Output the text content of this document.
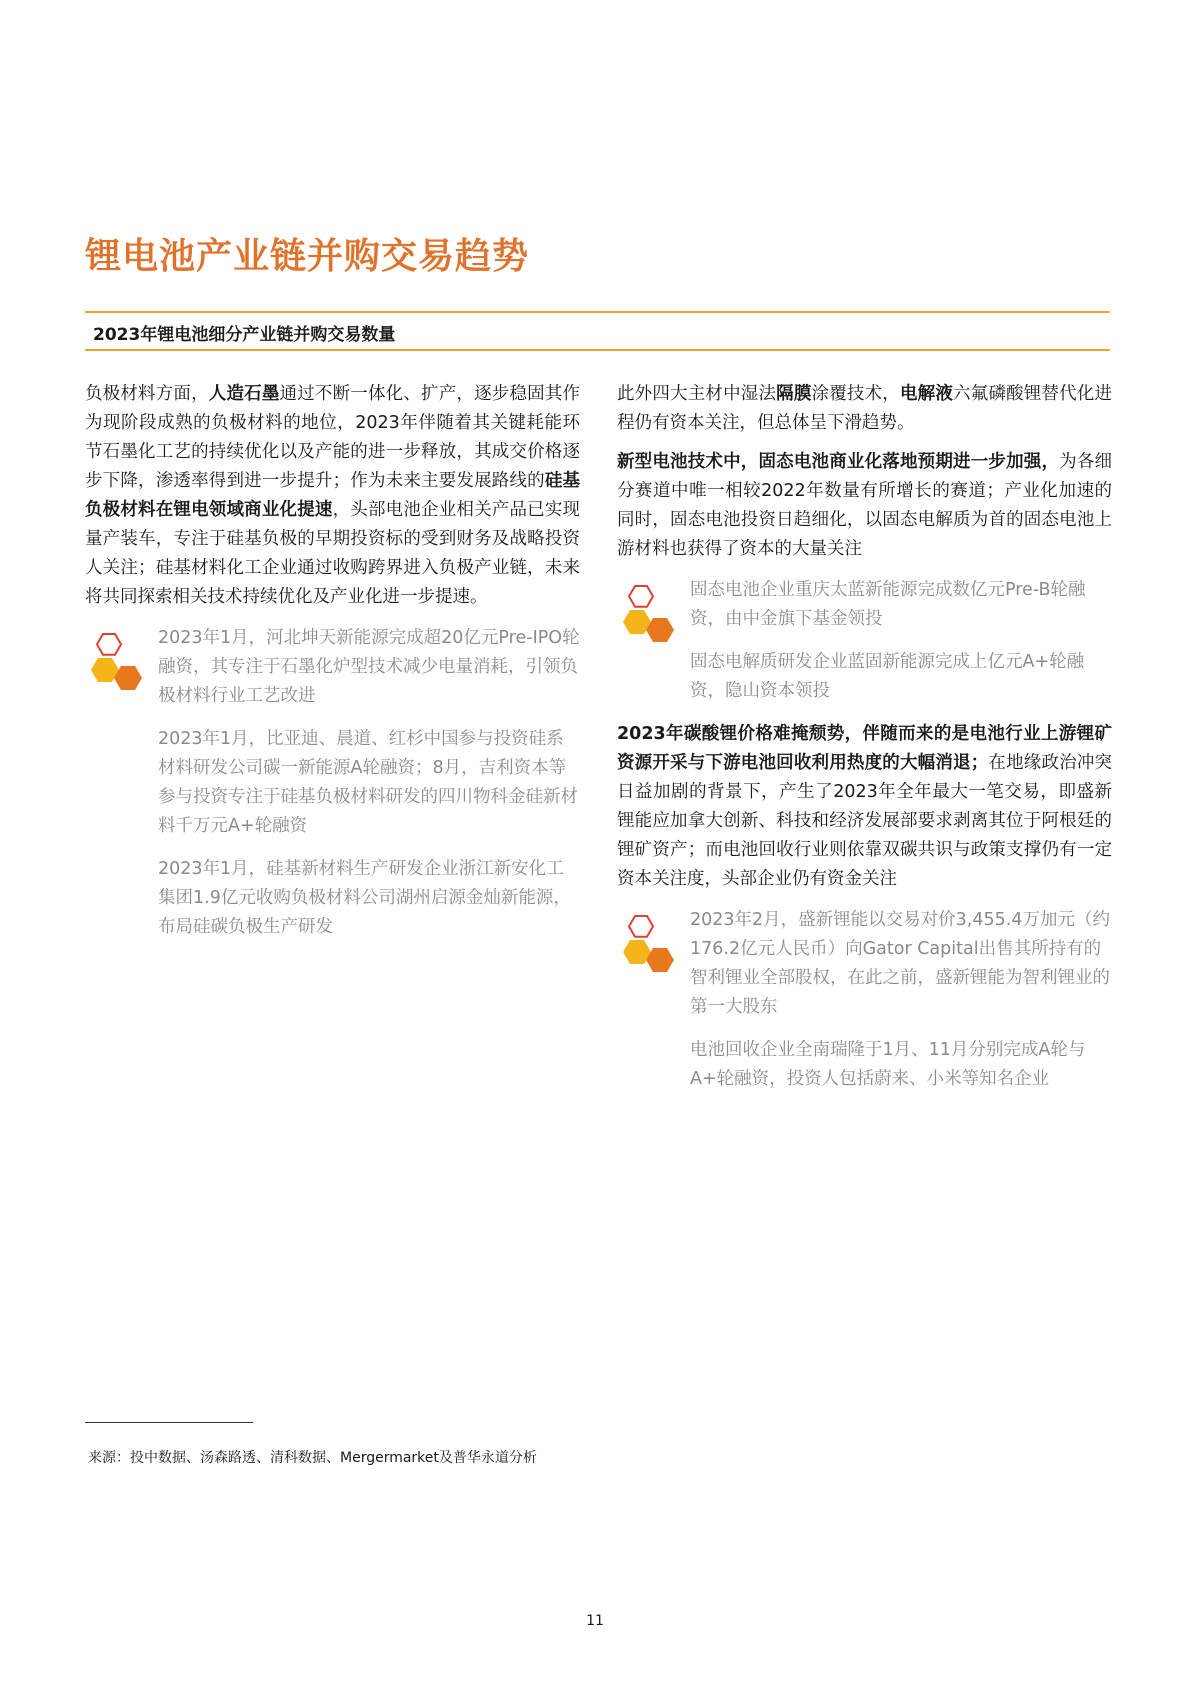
锂电池产业链并购交易趋势
2023年锂电池细分产业链并购交易数量

负极材料方面，人造石墨通过不断一体化、扩产，逐步稳固其作为现阶段成熟的负极材料的地位，2023年伴随着其关键耗能环节石墨化工艺的持续优化以及产能的进一步释放，其成交价格逐步下降，渗透率得到进一步提升；作为未来主要发展路线的硅基负极材料在锂电领域商业化提速，头部电池企业相关产品已实现量产装车，专注于硅基负极的早期投资标的受到财务及战略投资人关注；硅基材料化工企业通过收购跨界进入负极产业链，未来将共同探索相关技术持续优化及产业化进一步提速。

2023年1月，河北坤天新能源完成超20亿元Pre-IPO轮融资，其专注于石墨化炉型技术减少电量消耗，引领负极材料行业工艺改进

2023年1月，比亚迪、晨道、红杉中国参与投资硅系材料研发公司碳一新能源A轮融资；8月，吉利资本等参与投资专注于硅基负极材料研发的四川物科金硅新材料千万元A+轮融资

2023年1月，硅基新材料生产研发企业浙江新安化工集团1.9亿元收购负极材料公司湖州启源金灿新能源，布局硅碳负极生产研发

此外四大主材中湿法隔膜涂覆技术，电解液六氟磷酸锂替代化进程仍有资本关注，但总体呈下滑趋势。

新型电池技术中，固态电池商业化落地预期进一步加强，为各细分赛道中唯一相较2022年数量有所增长的赛道；产业化加速的同时，固态电池投资日趋细化，以固态电解质为首的固态电池上游材料也获得了资本的大量关注

固态电池企业重庆太蓝新能源完成数亿元Pre-B轮融资，由中金旗下基金领投

固态电解质研发企业蓝固新能源完成上亿元A+轮融资，隐山资本领投

2023年碳酸锂价格难掩颓势，伴随而来的是电池行业上游锂矿资源开采与下游电池回收利用热度的大幅消退；在地缘政治冲突日益加剧的背景下，产生了2023年全年最大一笔交易，即盛新锂能应加拿大创新、科技和经济发展部要求剥离其位于阿根廷的锂矿资产；而电池回收行业则依靠双碳共识与政策支撑仍有一定资本关注度，头部企业仍有资金关注

2023年2月，盛新锂能以交易对价3,455.4万加元（约176.2亿元人民币）向Gator Capital出售其所持有的智利锂业全部股权，在此之前，盛新锂能为智利锂业的第一大股东

电池回收企业全南瑞隆于1月、11月分别完成A轮与A+轮融资，投资人包括蔚来、小米等知名企业

来源：投中数据、汤森路透、清科数据、Mergermarket及普华永道分析

11
